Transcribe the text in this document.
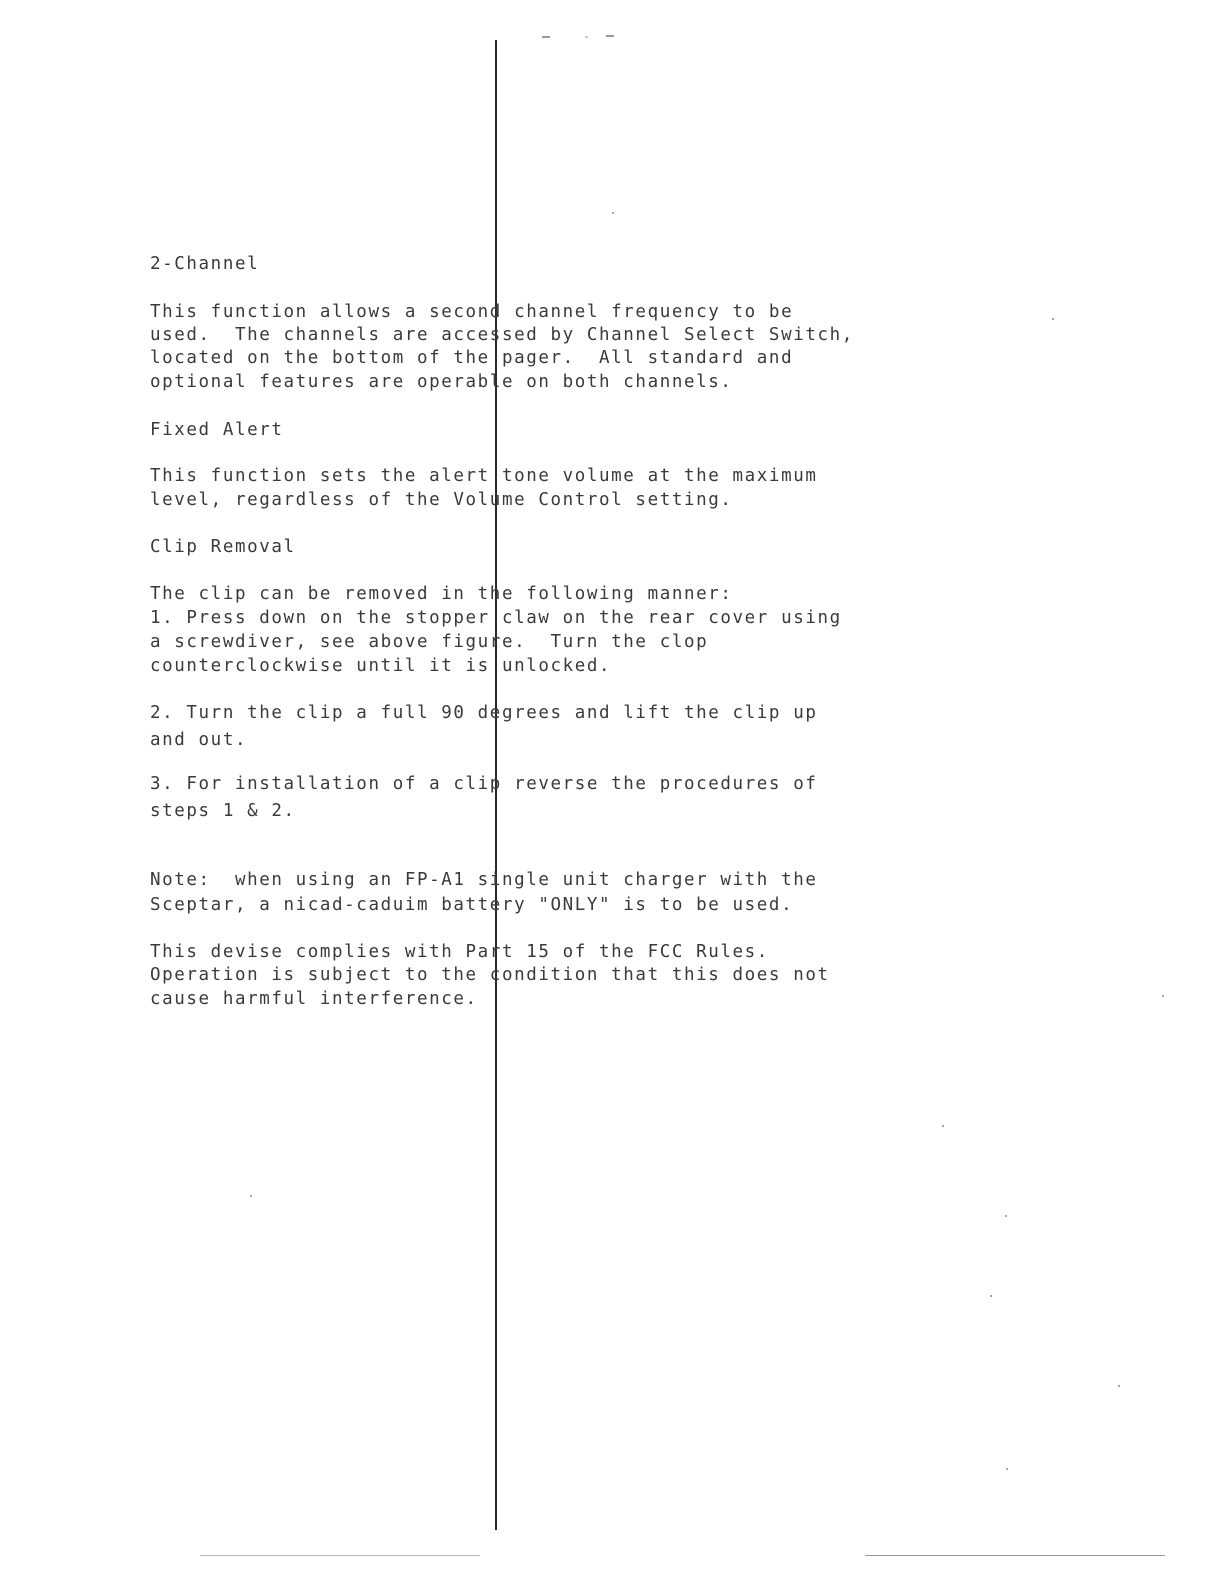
2-Channel
This function allows a second channel frequency to be
used.  The channels are accessed by Channel Select Switch,
located on the bottom of the pager.  All standard and
optional features are operable on both channels.
Fixed Alert
This function sets the alert tone volume at the maximum
level, regardless of the Volume Control setting.
Clip Removal
The clip can be removed in the following manner:
1. Press down on the stopper claw on the rear cover using
a screwdiver, see above figure.  Turn the clop
counterclockwise until it is unlocked.
2. Turn the clip a full 90 degrees and lift the clip up
and out.
3. For installation of a clip reverse the procedures of
steps 1 & 2.
Note:  when using an FP-A1 single unit charger with the
Sceptar, a nicad-caduim battery "ONLY" is to be used.
This devise complies with Part 15 of the FCC Rules.
Operation is subject to the condition that this does not
cause harmful interference.
